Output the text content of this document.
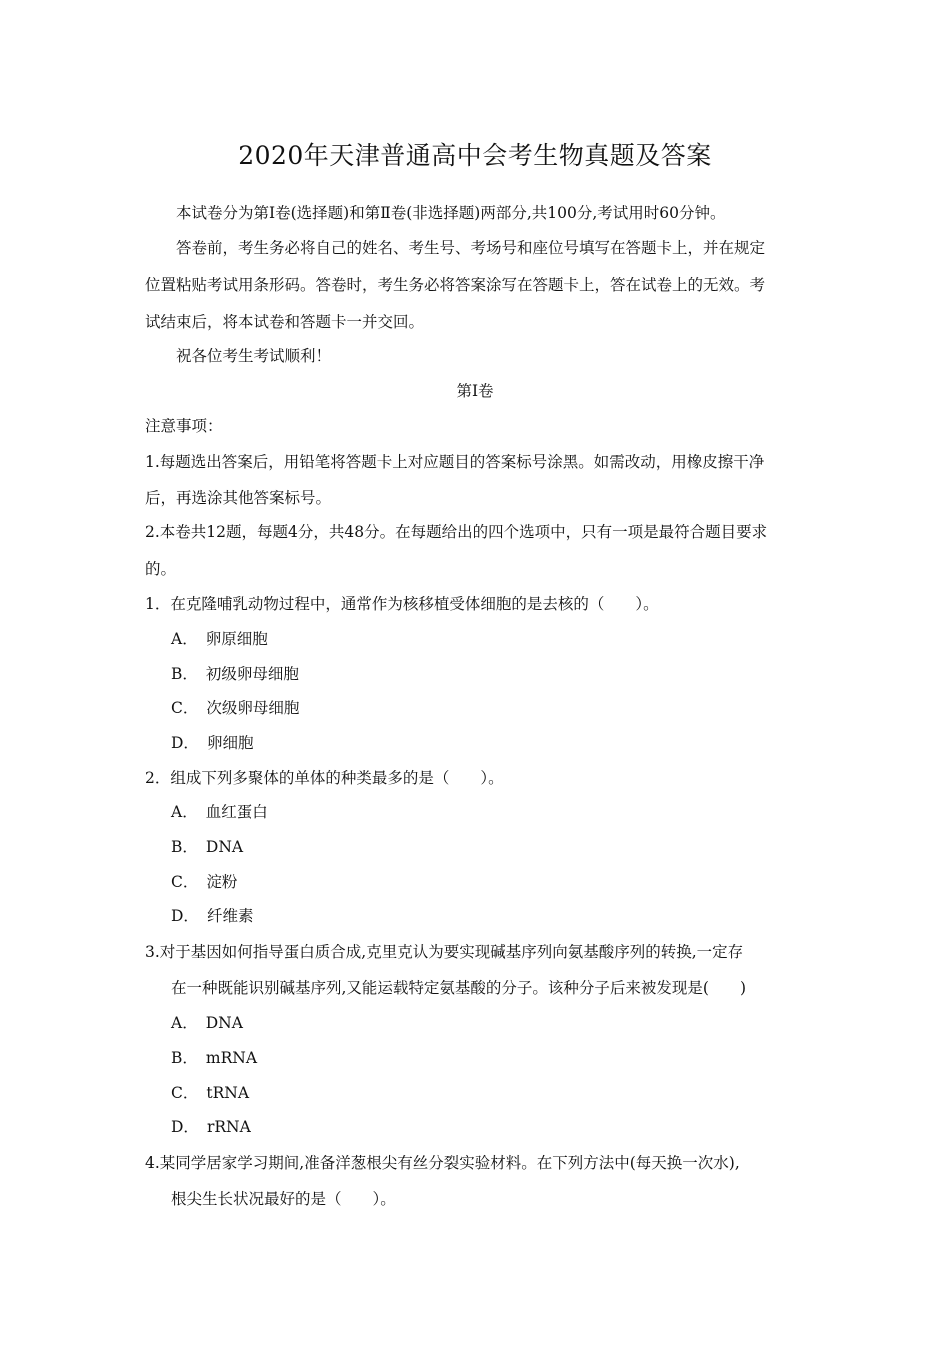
2020年天津普通高中会考生物真题及答案
本试卷分为第Ⅰ卷(选择题)和第Ⅱ卷(非选择题)两部分,共100分,考试用时60分钟。
答卷前，考生务必将自己的姓名、考生号、考场号和座位号填写在答题卡上，并在规定
位置粘贴考试用条形码。答卷时，考生务必将答案涂写在答题卡上，答在试卷上的无效。考
试结束后，将本试卷和答题卡一并交回。
祝各位考生考试顺利！
第Ⅰ卷
注意事项：
1.每题选出答案后，用铅笔将答题卡上对应题目的答案标号涂黑。如需改动，用橡皮擦干净
后，再选涂其他答案标号。
2.本卷共12题，每题4分，共48分。在每题给出的四个选项中，只有一项是最符合题目要求
的。
1．在克隆哺乳动物过程中，通常作为核移植受体细胞的是去核的（　　）。
A． 卵原细胞
B． 初级卵母细胞
C． 次级卵母细胞
D． 卵细胞
2．组成下列多聚体的单体的种类最多的是（　　）。
A． 血红蛋白
B． DNA
C． 淀粉
D． 纤维素
3.对于基因如何指导蛋白质合成,克里克认为要实现碱基序列向氨基酸序列的转换,一定存
在一种既能识别碱基序列,又能运载特定氨基酸的分子。该种分子后来被发现是(　　)
A． DNA
B． mRNA
C． tRNA
D． rRNA
4.某同学居家学习期间,准备洋葱根尖有丝分裂实验材料。在下列方法中(每天换一次水),
根尖生长状况最好的是（　　）。
